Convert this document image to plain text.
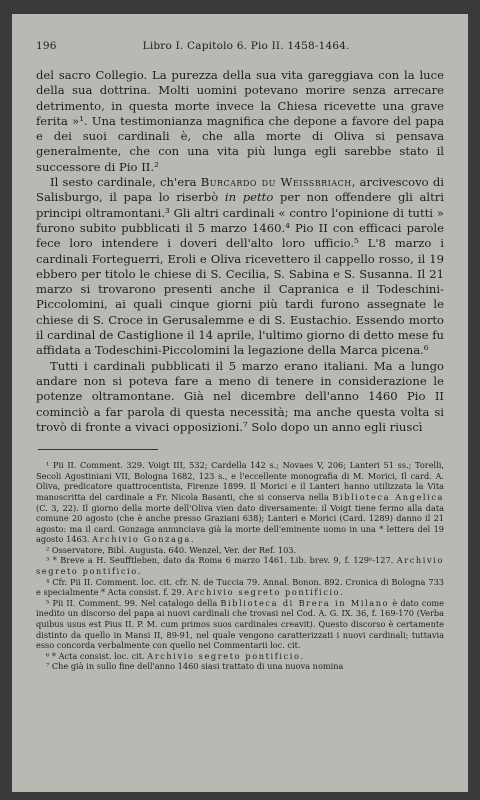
196	Libro I. Capitolo 6. Pio II. 1458-1464.

del sacro Collegio. La purezza della sua vita gareggiava con la luce della sua dottrina. Molti uomini potevano morire senza arrecare detrimento, in questa morte invece la Chiesa ricevette una grave ferita »¹. Una testimonianza magnifica che depone a favore del papa e dei suoi cardinali è, che alla morte di Oliva si pensava generalmente, che con una vita più lunga egli sarebbe stato il successore di Pio II.²

Il sesto cardinale, ch'era Burcardo du Weissbriach, arcivescovo di Salisburgo, il papa lo riserbò in petto per non offendere gli altri principi oltramontani.³ Gli altri cardinali « contro l'opinione di tutti » furono subito pubblicati il 5 marzo 1460.⁴ Pio II con efficaci parole fece loro intendere i doveri dell'alto loro ufficio.⁵ L'8 marzo i cardinali Forteguerri, Eroli e Oliva ricevettero il cappello rosso, il 19 ebbero per titolo le chiese di S. Cecilia, S. Sabina e S. Susanna. Il 21 marzo si trovarono presenti anche il Capranica e il Todeschini-Piccolomini, ai quali cinque giorni più tardi furono assegnate le chiese di S. Croce in Gerusalemme e di S. Eustachio. Essendo morto il cardinal de Castiglione il 14 aprile, l'ultimo giorno di detto mese fu affidata a Todeschini-Piccolomini la legazione della Marca picena.⁶

Tutti i cardinali pubblicati il 5 marzo erano italiani. Ma a lungo andare non si poteva fare a meno di tenere in considerazione le potenze oltramontane. Già nel dicembre dell'anno 1460 Pio II cominciò a far parola di questa necessità; ma anche questa volta si trovò di fronte a vivaci opposizioni.⁷ Solo dopo un anno egli riuscì

¹ Pii II. Comment. 329. Voigt III, 532; Cardella 142 s.; Novaes V, 206; Lanteri 51 ss.; Torelli, Secoli Agostiniani VII, Bologna 1682, 123 s., e l'eccellente monografia di M. Morici, Il card. A. Oliva, predicatore quattrocentista, Firenze 1899. Il Morici e il Lanteri hanno utilizzata la Vita manoscritta del cardinale a Fr. Nicola Basanti, che si conserva nella Biblioteca Angelica (C. 3, 22). Il giorno della morte dell'Oliva vien dato diversamente: il Voigt tiene fermo alla data comune 20 agosto (che è anche presso Graziani 638); Lanteri e Morici (Card. 1289) danno il 21 agosto: ma il card. Gonzaga annunciava già la morte dell'eminente uomo in una * lettera del 19 agosto 1463. Archivio Gonzaga.

² Osservatore, Bibl. Augusta. 640. Wenzel, Ver. der Ref. 103.

³ * Breve a H. Seufftleben, dato da Roma 6 marzo 1461. Lib. brev. 9, f. 129ᵇ-127. Archivio segreto pontificio.

⁴ Cfr. Pii II. Comment. loc. cit. cfr. N. de Tuccia 79. Annal. Bonon. 892. Cronica di Bologna 733 e specialmente * Acta consist. f. 29. Archivio segreto pontificio.

⁵ Pii II. Comment. 99. Nel catalogo della Biblioteca di Brera in Milano è dato come inedito un discorso del papa ai nuovi cardinali che trovasi nel Cod. A. G. IX. 36, f. 169-170 (Verba quibus usus est Pius II. P. M. cum primos suos cardinales creavit). Questo discorso è certamente distinto da quello in Mansi II, 89-91, nel quale vengono caratterizzati i nuovi cardinali; tuttavia esso concorda verbalmente con quello nei Commentarii loc. cit.

⁶ * Acta consist. loc. cit. Archivio segreto pontificio.

⁷ Che già in sullo fine dell'anno 1460 siasi trattato di una nuova nomina
